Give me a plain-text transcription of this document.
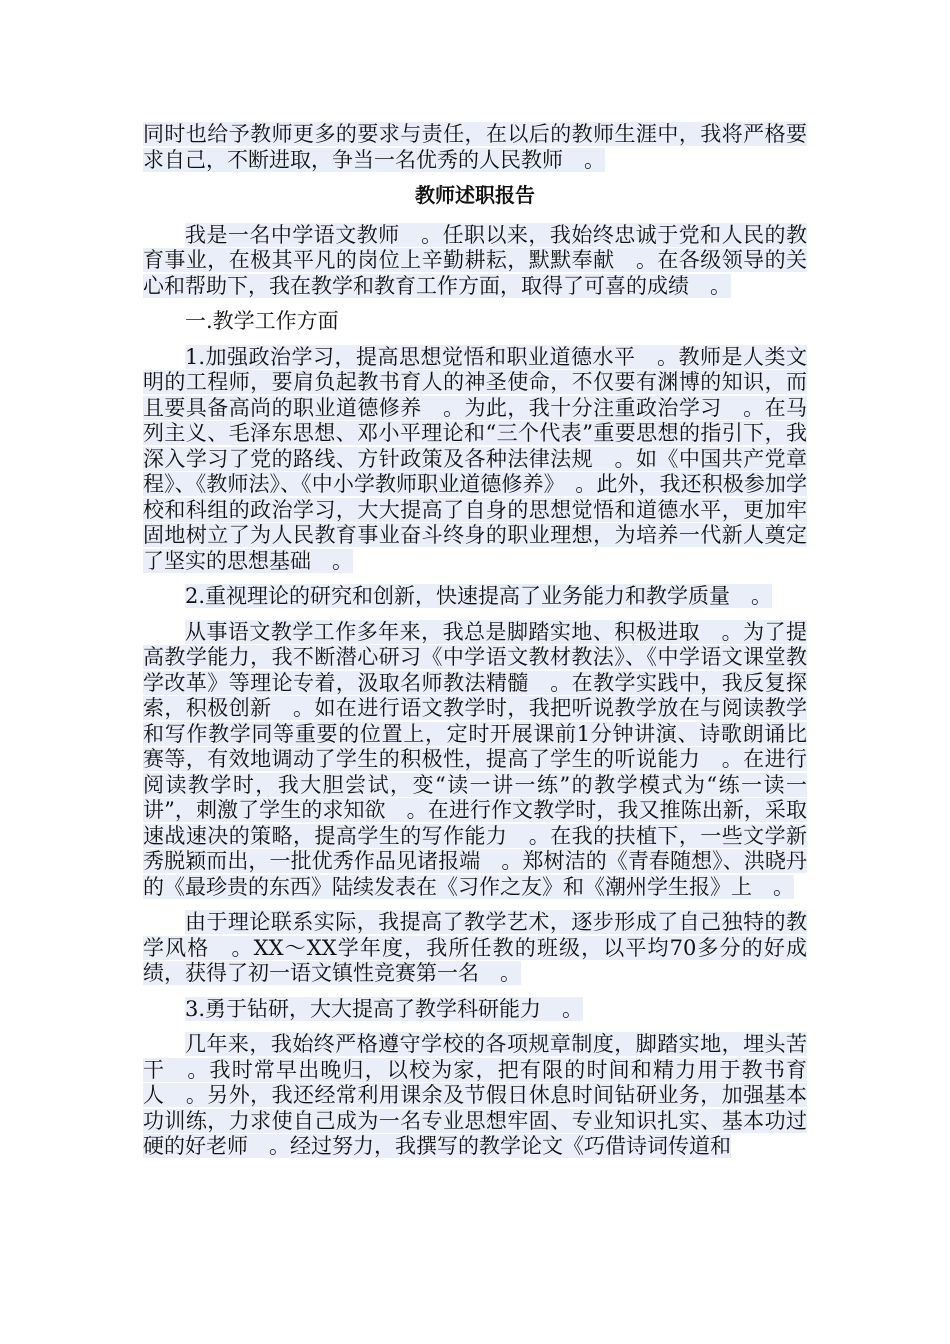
同时也给予教师更多的要求与责任，在以后的教师生涯中，我将严格要求自己，不断进取，争当一名优秀的人民教师　。

教师述职报告

我是一名中学语文教师　。任职以来，我始终忠诚于党和人民的教育事业，在极其平凡的岗位上辛勤耕耘，默默奉献　。在各级领导的关心和帮助下，我在教学和教育工作方面，取得了可喜的成绩　。

一.教学工作方面

1.加强政治学习，提高思想觉悟和职业道德水平　。教师是人类文明的工程师，要肩负起教书育人的神圣使命，不仅要有渊博的知识，而且要具备高尚的职业道德修养　。为此，我十分注重政治学习　。在马列主义、毛泽东思想、邓小平理论和“三个代表”重要思想的指引下，我深入学习了党的路线、方针政策及各种法律法规　。如《中国共产党章程》、《教师法》、《中小学教师职业道德修养》　。此外，我还积极参加学校和科组的政治学习，大大提高了自身的思想觉悟和道德水平，更加牢固地树立了为人民教育事业奋斗终身的职业理想，为培养一代新人奠定了坚实的思想基础　。

2.重视理论的研究和创新，快速提高了业务能力和教学质量　。

从事语文教学工作多年来，我总是脚踏实地、积极进取　。为了提高教学能力，我不断潜心研习《中学语文教材教法》、《中学语文课堂教学改革》等理论专着，汲取名师教法精髓　。在教学实践中，我反复探索，积极创新　。如在进行语文教学时，我把听说教学放在与阅读教学和写作教学同等重要的位置上，定时开展课前1分钟讲演、诗歌朗诵比赛等，有效地调动了学生的积极性，提高了学生的听说能力　。在进行阅读教学时，我大胆尝试，变“读一讲一练”的教学模式为“练一读一讲”，刺激了学生的求知欲　。在进行作文教学时，我又推陈出新，采取速战速决的策略，提高学生的写作能力　。在我的扶植下，一些文学新秀脱颖而出，一批优秀作品见诸报端　。郑树洁的《青春随想》、洪晓丹的《最珍贵的东西》陆续发表在《习作之友》和《潮州学生报》上　。

由于理论联系实际，我提高了教学艺术，逐步形成了自己独特的教学风格　。XX～XX学年度，我所任教的班级，以平均70多分的好成绩，获得了初一语文镇性竞赛第一名　。

3.勇于钻研，大大提高了教学科研能力　。

几年来，我始终严格遵守学校的各项规章制度，脚踏实地，埋头苦干　。我时常早出晚归，以校为家，把有限的时间和精力用于教书育人　。另外，我还经常利用课余及节假日休息时间钻研业务，加强基本功训练，力求使自己成为一名专业思想牢固、专业知识扎实、基本功过硬的好老师　。经过努力，我撰写的教学论文《巧借诗词传道和
